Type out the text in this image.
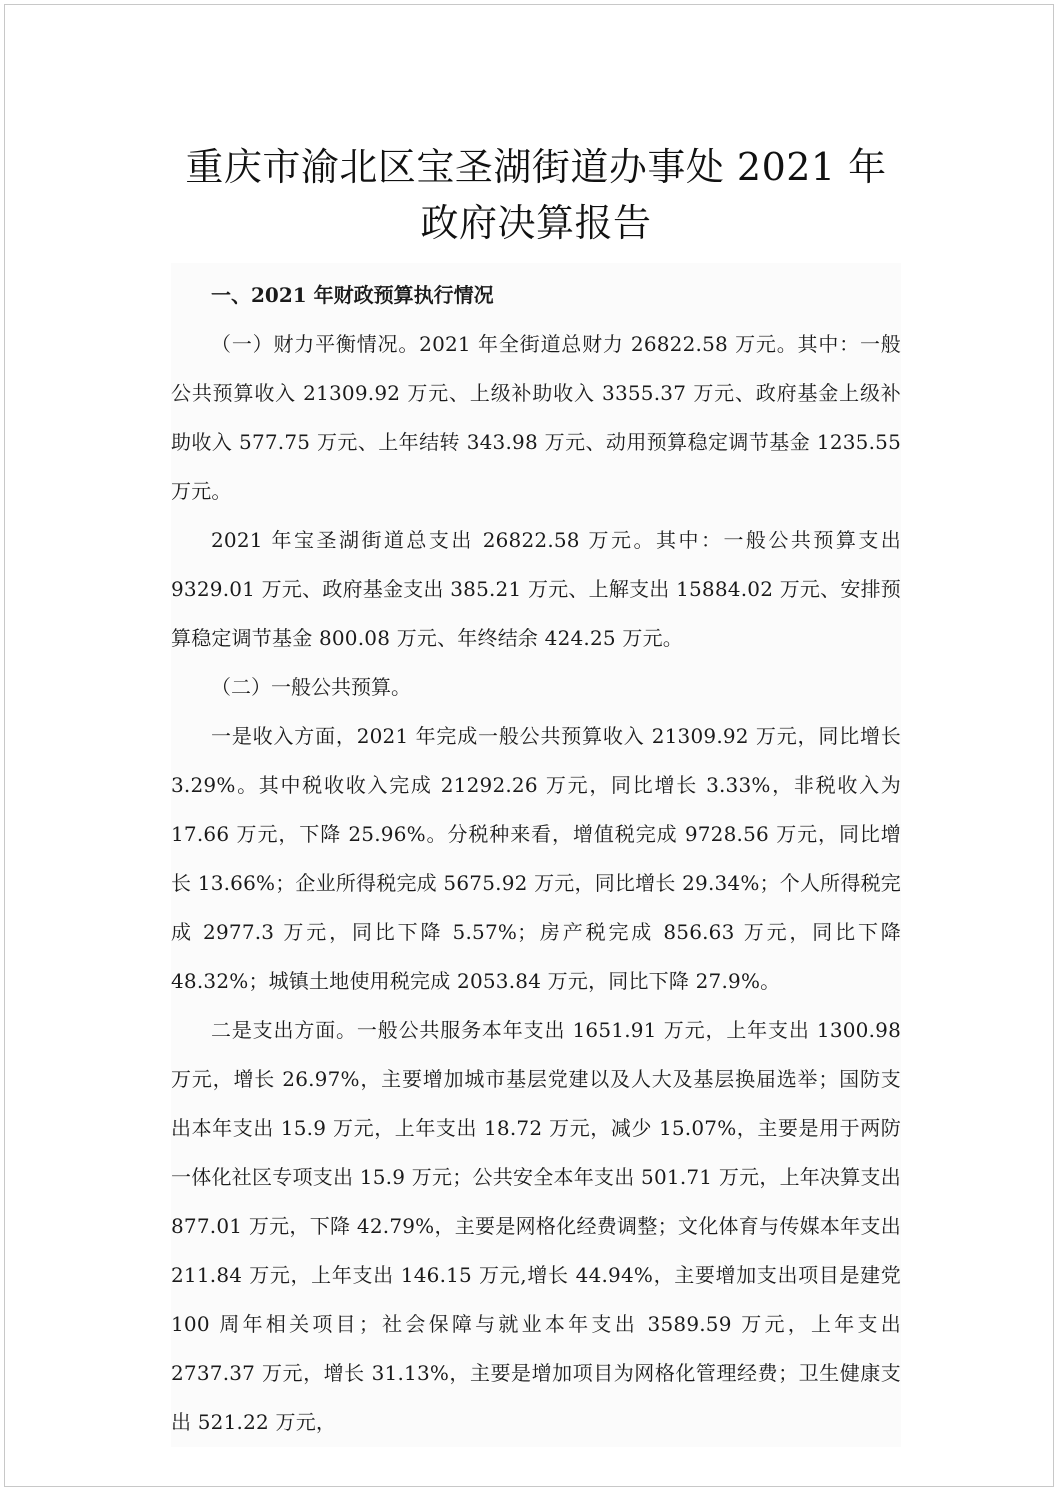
重庆市渝北区宝圣湖街道办事处 2021 年
政府决算报告

一、2021 年财政预算执行情况

（一）财力平衡情况。2021 年全街道总财力 26822.58 万元。其中：一般公共预算收入 21309.92 万元、上级补助收入 3355.37 万元、政府基金上级补助收入 577.75 万元、上年结转 343.98 万元、动用预算稳定调节基金 1235.55 万元。

2021 年宝圣湖街道总支出 26822.58 万元。其中：一般公共预算支出 9329.01 万元、政府基金支出 385.21 万元、上解支出 15884.02 万元、安排预算稳定调节基金 800.08 万元、年终结余 424.25 万元。

（二）一般公共预算。

一是收入方面，2021 年完成一般公共预算收入 21309.92 万元，同比增长 3.29%。其中税收收入完成 21292.26 万元，同比增长 3.33%，非税收入为 17.66 万元，下降 25.96%。分税种来看，增值税完成 9728.56 万元，同比增长 13.66%；企业所得税完成 5675.92 万元，同比增长 29.34%；个人所得税完成 2977.3 万元，同比下降 5.57%；房产税完成 856.63 万元，同比下降 48.32%；城镇土地使用税完成 2053.84 万元，同比下降 27.9%。

二是支出方面。一般公共服务本年支出 1651.91 万元，上年支出 1300.98 万元，增长 26.97%，主要增加城市基层党建以及人大及基层换届选举；国防支出本年支出 15.9 万元，上年支出 18.72 万元，减少 15.07%，主要是用于两防一体化社区专项支出 15.9 万元；公共安全本年支出 501.71 万元，上年决算支出 877.01 万元，下降 42.79%，主要是网格化经费调整；文化体育与传媒本年支出 211.84 万元，上年支出 146.15 万元,增长 44.94%，主要增加支出项目是建党 100 周年相关项目；社会保障与就业本年支出 3589.59 万元，上年支出 2737.37 万元，增长 31.13%，主要是增加项目为网格化管理经费；卫生健康支出 521.22 万元，
